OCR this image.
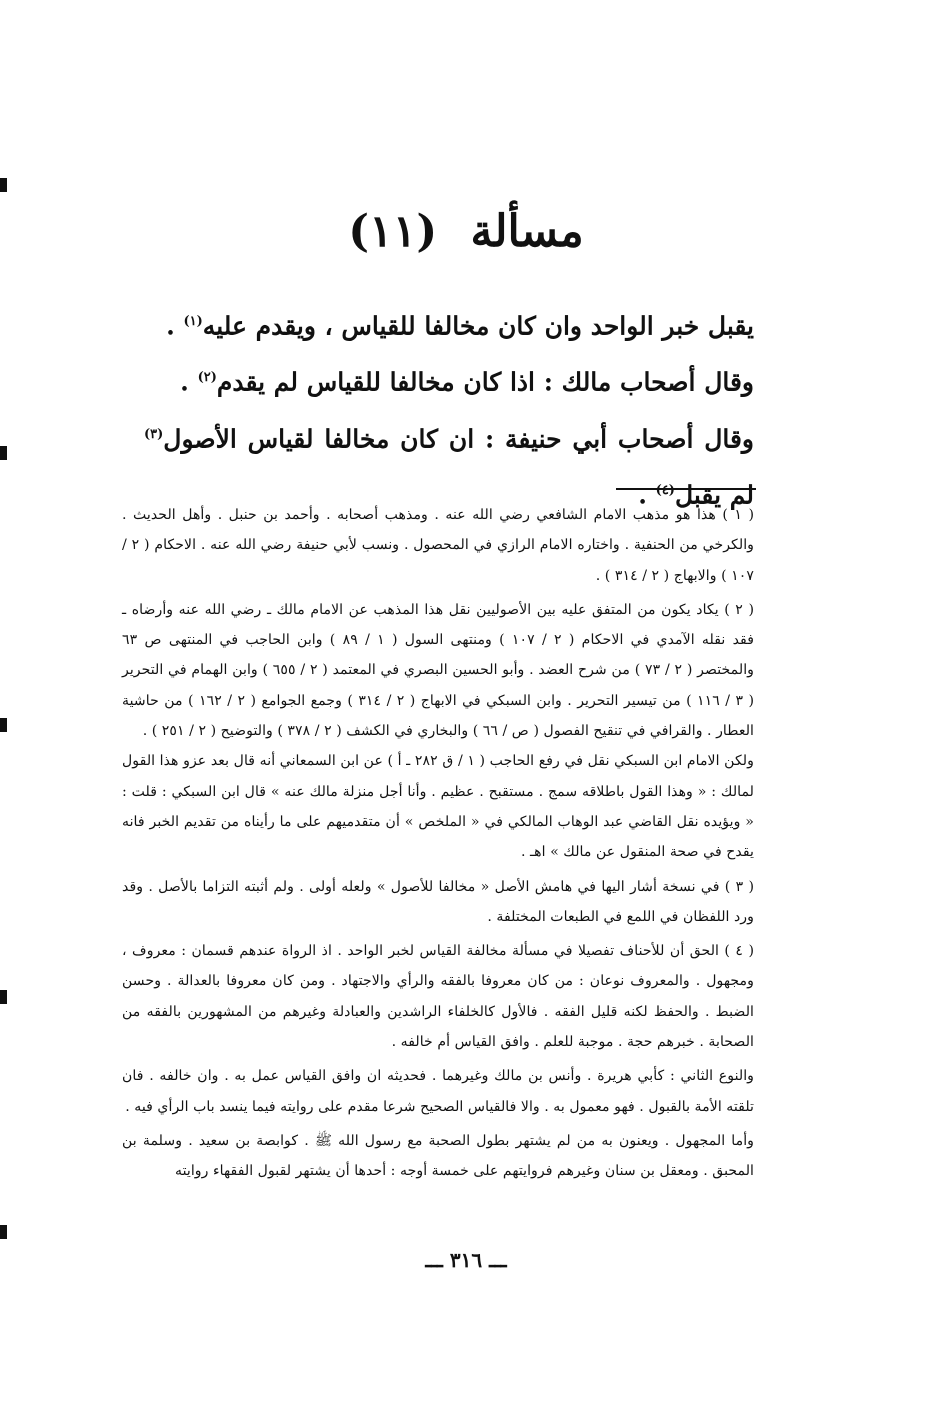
مسألة (١١)

يقبل خبر الواحد وان كان مخالفا للقياس ، ويقدم عليه$^{(١)}$ .

وقال أصحاب مالك : اذا كان مخالفا للقياس لم يقدم$^{(٢)}$ .

وقال أصحاب أبي حنيفة : ان كان مخالفا لقياس الأصول$^{(٣)}$ لم يقبل$^{(٤)}$ .

( ١ ) هذا هو مذهب الامام الشافعي رضي الله عنه . ومذهب أصحابه . وأحمد بن حنبل . وأهل الحديث . والكرخي من الحنفية . واختاره الامام الرازي في المحصول . ونسب لأبي حنيفة رضي الله عنه . الاحكام ( ٢ / ١٠٧ ) والابهاج ( ٢ / ٣١٤ ) .

( ٢ ) يكاد يكون من المتفق عليه بين الأصوليين نقل هذا المذهب عن الامام مالك ـ رضي الله عنه وأرضاه ـ فقد نقله الآمدي في الاحكام ( ٢ / ١٠٧ ) ومنتهى السول ( ١ / ٨٩ ) وابن الحاجب في المنتهى ص ٦٣ والمختصر ( ٢ / ٧٣ ) من شرح العضد . وأبو الحسين البصري في المعتمد ( ٢ / ٦٥٥ ) وابن الهمام في التحرير ( ٣ / ١١٦ ) من تيسير التحرير . وابن السبكي في الابهاج ( ٢ / ٣١٤ ) وجمع الجوامع ( ٢ / ١٦٢ ) من حاشية العطار . والقرافي في تنقيح الفصول ( ص / ٦٦ ) والبخاري في الكشف ( ٢ / ٣٧٨ ) والتوضيح ( ٢ / ٢٥١ ) .

ولكن الامام ابن السبكي نقل في رفع الحاجب ( ١ / ق ٢٨٢ ـ أ ) عن ابن السمعاني أنه قال بعد عزو هذا القول لمالك : « وهذا القول باطلاقه سمج . مستقبح . عظيم . وأنا أجل منزلة مالك عنه » قال ابن السبكي : قلت : « ويؤيده نقل القاضي عبد الوهاب المالكي في « الملخص » أن متقدميهم على ما رأيناه من تقديم الخبر فانه يقدح في صحة المنقول عن مالك » اهـ .

( ٣ ) في نسخة أشار اليها في هامش الأصل « مخالفا للأصول » ولعله أولى . ولم أثبته التزاما بالأصل . وقد ورد اللفظان في اللمع في الطبعات المختلفة .

( ٤ ) الحق أن للأحناف تفصيلا في مسألة مخالفة القياس لخبر الواحد . اذ الرواة عندهم قسمان : معروف ، ومجهول . والمعروف نوعان : من كان معروفا بالفقه والرأي والاجتهاد . ومن كان معروفا بالعدالة . وحسن الضبط . والحفظ لكنه قليل الفقه . فالأول كالخلفاء الراشدين والعبادلة وغيرهم من المشهورين بالفقه من الصحابة . خبرهم حجة . موجبة للعلم . وافق القياس أم خالفه .

والنوع الثاني : كأبي هريرة . وأنس بن مالك وغيرهما . فحديثه ان وافق القياس عمل به . وان خالفه . فان تلقته الأمة بالقبول . فهو معمول به . والا فالقياس الصحيح شرعا مقدم على روايته فيما ينسد باب الرأي فيه .

وأما المجهول . ويعنون به من لم يشتهر بطول الصحبة مع رسول الله ﷺ . كوابصة بن سعيد . وسلمة بن المحبق . ومعقل بن سنان وغيرهم فروايتهم على خمسة أوجه : أحدها أن يشتهر لقبول الفقهاء روايته

ـــ ٣١٦ ـــ
